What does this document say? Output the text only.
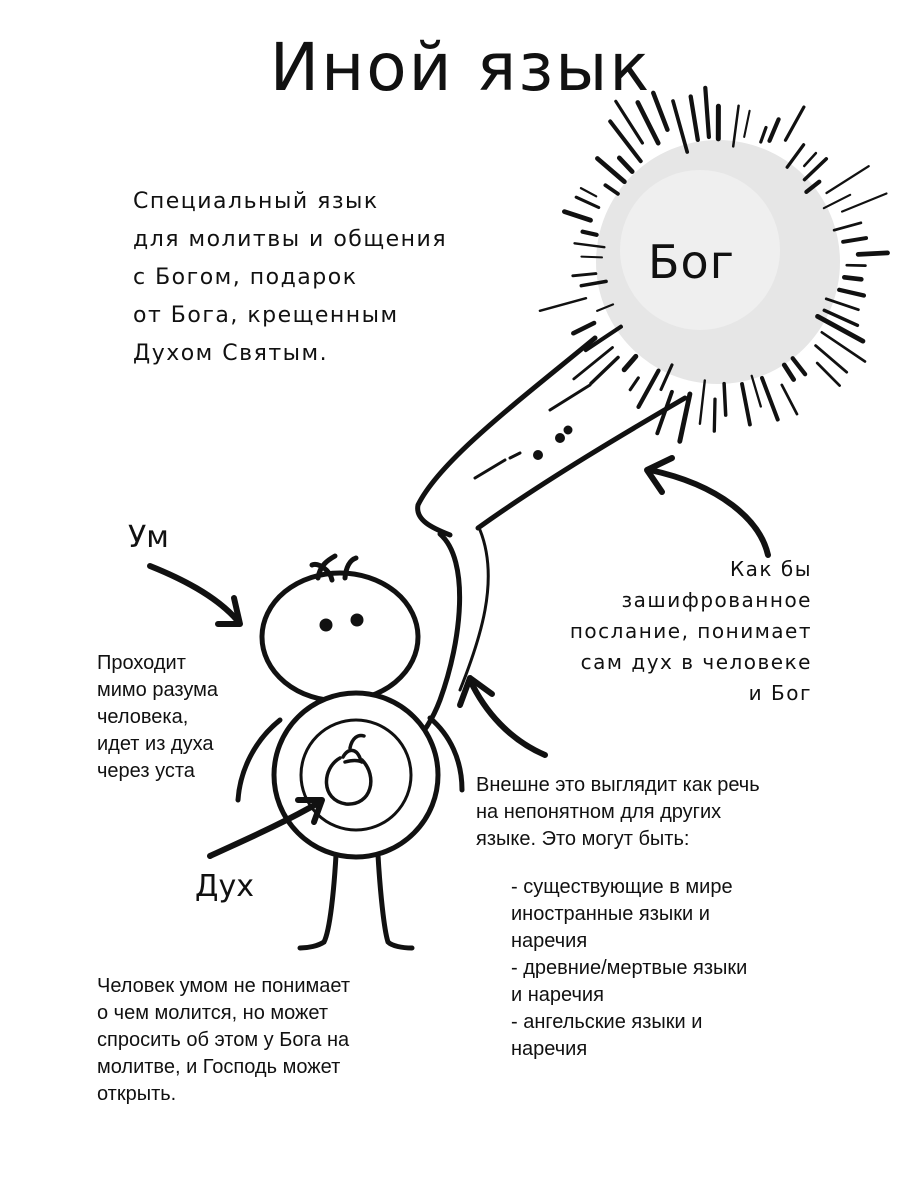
Иной язык
Специальный язык
для молитвы и общения
с Богом, подарок
от Бога, крещенным
Духом Святым.
Бог
Ум
Дух
Как бы
зашифрованное
послание, понимает
сам дух в человеке
и Бог
Проходит
мимо разума
человека,
идет из духа
через уста
Внешне это выглядит как речь
на непонятном для других
языке. Это могут быть:
- существующие в мире
иностранные языки и
наречия
- древние/мертвые языки
и наречия
- ангельские языки и
наречия
Человек умом не понимает
о чем молится, но может
спросить об этом у Бога на
молитве, и Господь может
открыть.
